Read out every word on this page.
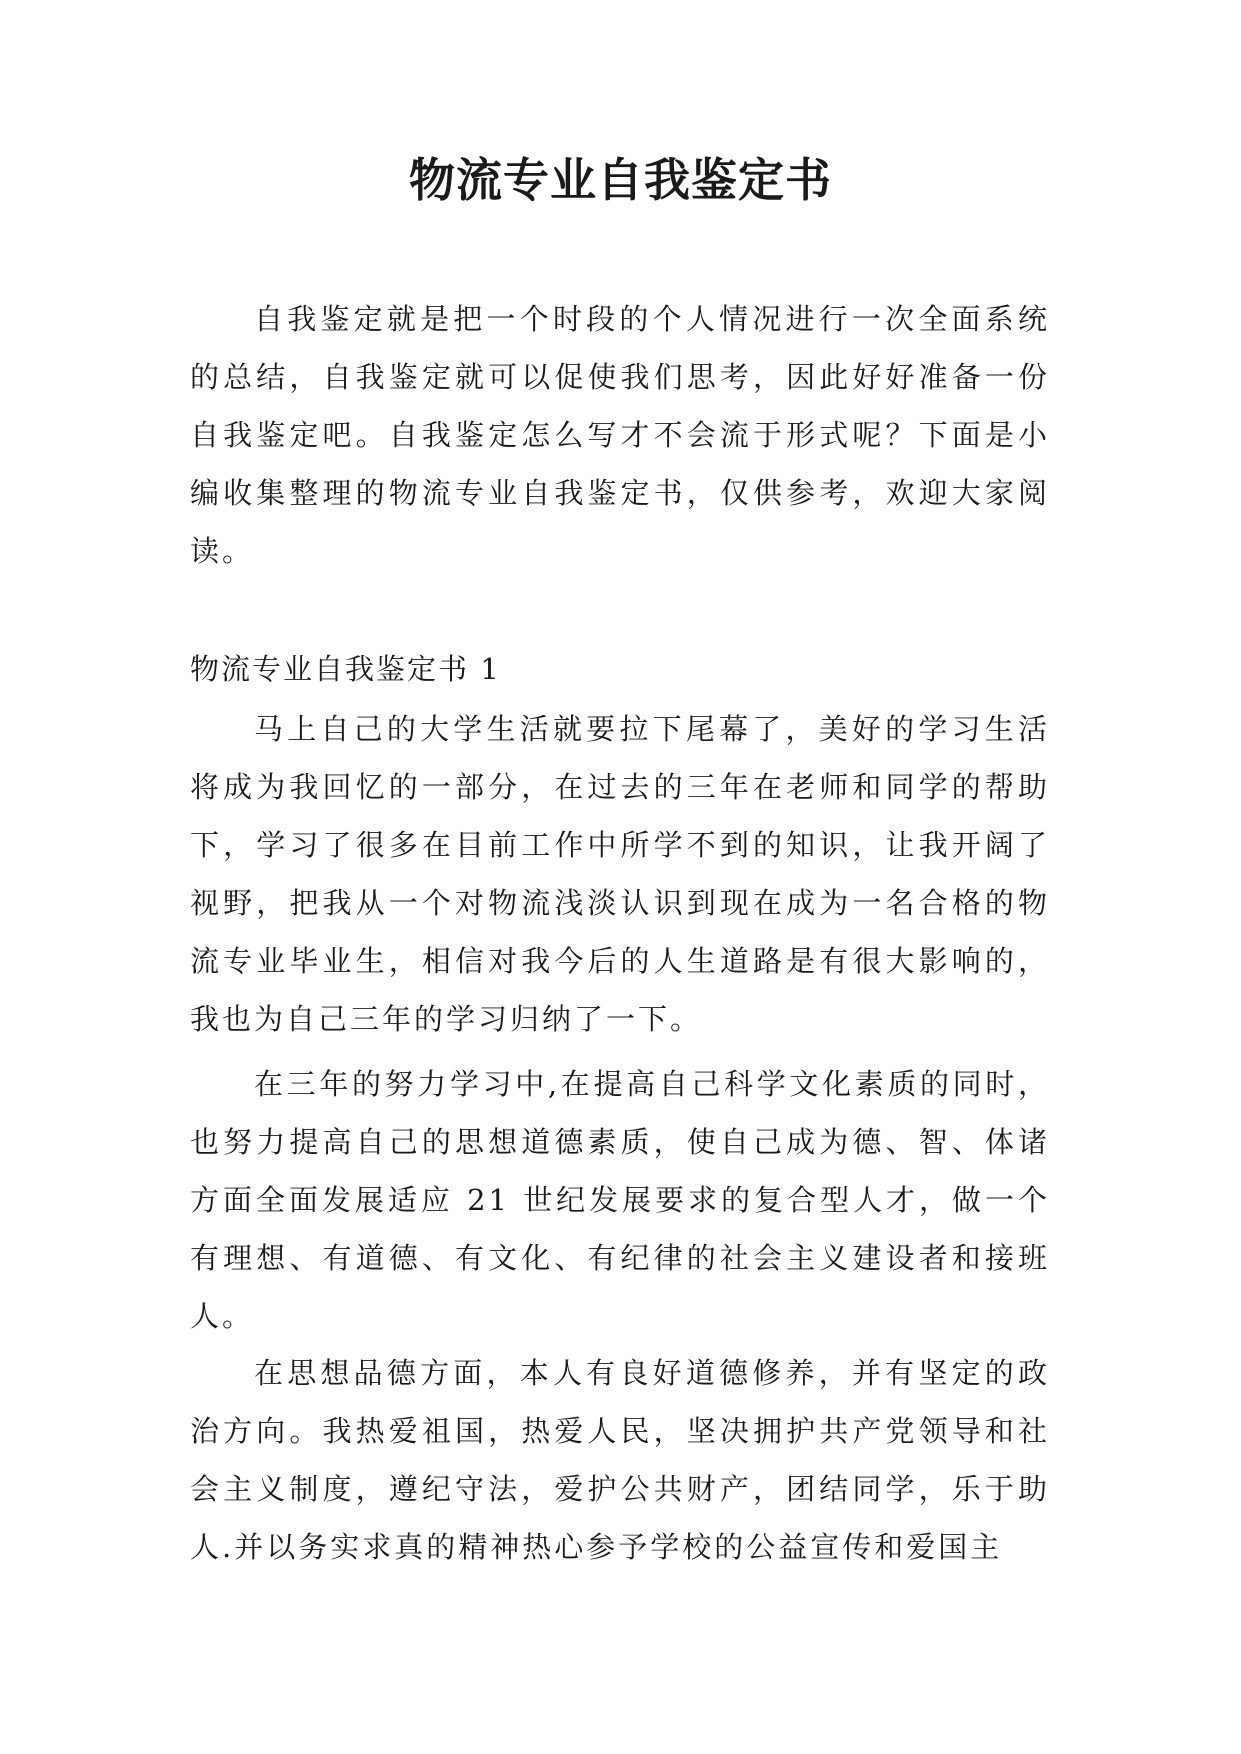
物流专业自我鉴定书

自我鉴定就是把一个时段的个人情况进行一次全面系统的总结，自我鉴定就可以促使我们思考，因此好好准备一份自我鉴定吧。自我鉴定怎么写才不会流于形式呢？下面是小编收集整理的物流专业自我鉴定书，仅供参考，欢迎大家阅读。

物流专业自我鉴定书 1

马上自己的大学生活就要拉下尾幕了，美好的学习生活将成为我回忆的一部分，在过去的三年在老师和同学的帮助下，学习了很多在目前工作中所学不到的知识，让我开阔了视野，把我从一个对物流浅淡认识到现在成为一名合格的物流专业毕业生，相信对我今后的人生道路是有很大影响的，我也为自己三年的学习归纳了一下。

在三年的努力学习中,在提高自己科学文化素质的同时，也努力提高自己的思想道德素质，使自己成为德、智、体诸方面全面发展适应 21 世纪发展要求的复合型人才，做一个有理想、有道德、有文化、有纪律的社会主义建设者和接班人。

在思想品德方面，本人有良好道德修养，并有坚定的政治方向。我热爱祖国，热爱人民，坚决拥护共产党领导和社会主义制度，遵纪守法，爱护公共财产，团结同学，乐于助人.并以务实求真的精神热心参予学校的公益宣传和爱国主
